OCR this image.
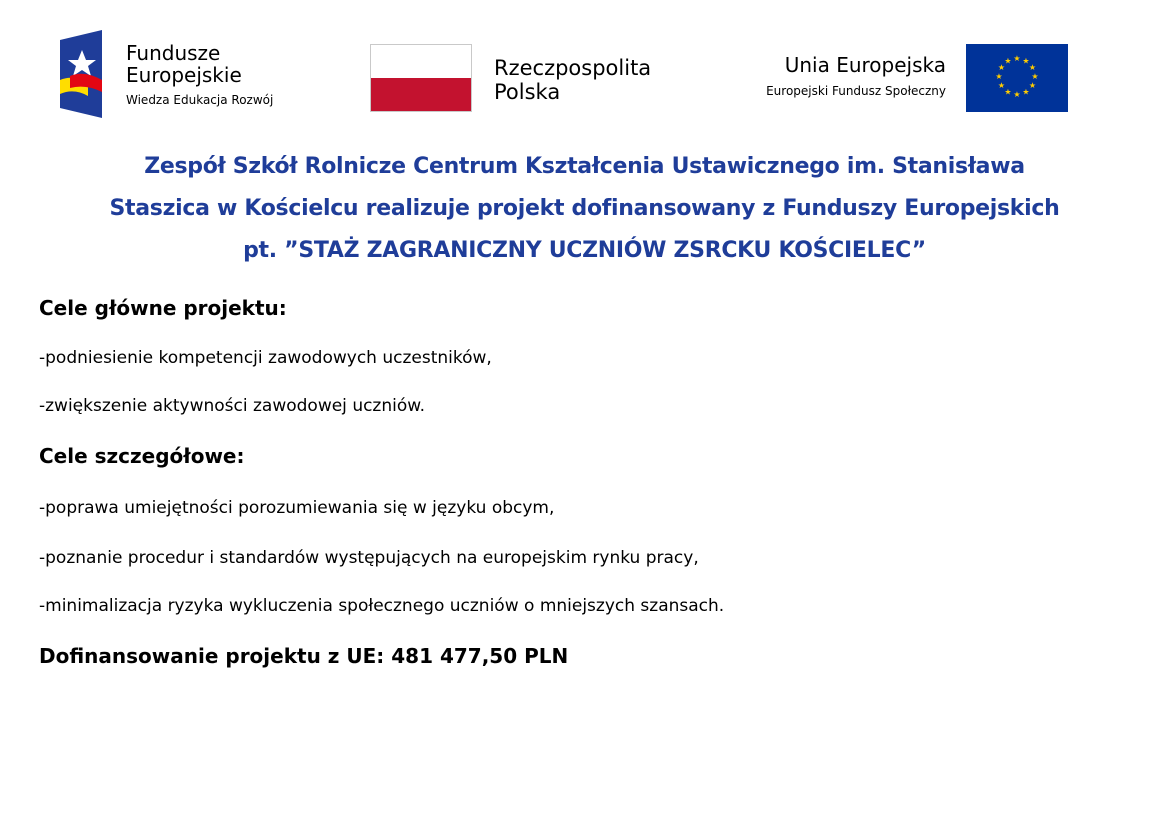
Fundusze
Europejskie
Wiedza Edukacja Rozwój
Rzeczpospolita
Polska
Unia Europejska
Europejski Fundusz Społeczny
★ ★
★
★
★
★
★
★
★
★
★
★
Zespół Szkół Rolnicze Centrum Kształcenia Ustawicznego im. Stanisława
Staszica w Kościelcu realizuje projekt dofinansowany z Funduszy Europejskich
pt. ”STAŻ ZAGRANICZNY UCZNIÓW ZSRCKU KOŚCIELEC”
Cele główne projektu:
-podniesienie kompetencji zawodowych uczestników,
-zwiększenie aktywności zawodowej uczniów.
Cele szczegółowe:
-poprawa umiejętności porozumiewania się w języku obcym,
-poznanie procedur i standardów występujących na europejskim rynku pracy,
-minimalizacja ryzyka wykluczenia społecznego uczniów o mniejszych szansach.
Dofinansowanie projektu z UE: 481 477,50 PLN
